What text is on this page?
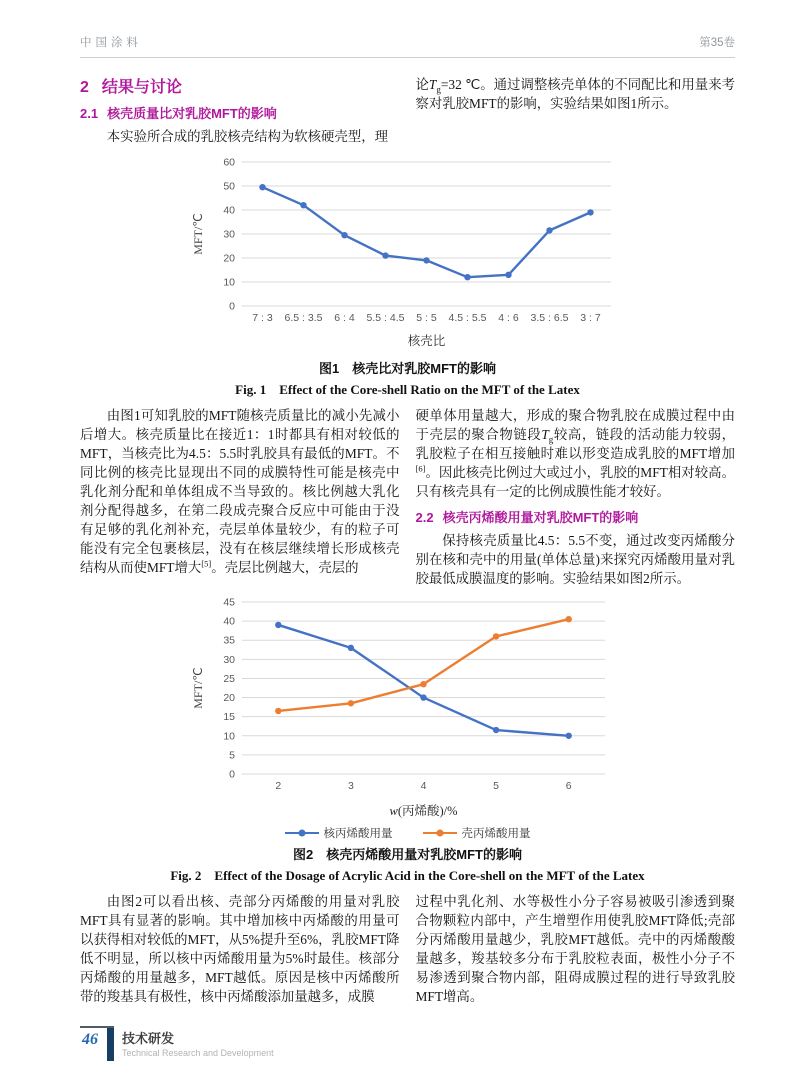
中国涂料	第35卷
2 结果与讨论
2.1 核壳质量比对乳胶MFT的影响

本实验所合成的乳胶核壳结构为软核硬壳型，理

论$T_g=32$ ℃。通过调整核壳单体的不同配比和用量来考察对乳胶MFT的影响，实验结果如图1所示。

0
10
20
30
40
50
60
7 : 3 6.5 : 3.5 6 : 4 5.5 : 4.5 5 : 5 4.5 : 5.5 4 : 6 3.5 : 6.5 3 : 7
MFT/℃
核壳比
图1　核壳比对乳胶MFT的影响
Fig. 1　Effect of the Core-shell Ratio on the MFT of the Latex

由图1可知乳胶的MFT随核壳质量比的减小先减小后增大。核壳质量比在接近1：1时都具有相对较低的MFT，当核壳比为4.5：5.5时乳胶具有最低的MFT。不同比例的核壳比显现出不同的成膜特性可能是核壳中乳化剂分配和单体组成不当导致的。核比例越大乳化剂分配得越多，在第二段成壳聚合反应中可能由于没有足够的乳化剂补充，壳层单体量较少，有的粒子可能没有完全包裹核层，没有在核层继续增长形成核壳结构从而使MFT增大[5]。壳层比例越大，壳层的

硬单体用量越大，形成的聚合物乳胶在成膜过程中由于壳层的聚合物链段$T_g$较高，链段的活动能力较弱，乳胶粒子在相互接触时难以形变造成乳胶的MFT增加[6]。因此核壳比例过大或过小，乳胶的MFT相对较高。只有核壳具有一定的比例成膜性能才较好。

2.2 核壳丙烯酸用量对乳胶MFT的影响

保持核壳质量比4.5：5.5不变，通过改变丙烯酸分别在核和壳中的用量(单体总量)来探究丙烯酸用量对乳胶最低成膜温度的影响。实验结果如图2所示。

0
5
10
15
20
25
30
35
40
45
2	3	4	5	6
MFT/℃
w(丙烯酸)/%
核丙烯酸用量	壳丙烯酸用量
图2　核壳丙烯酸用量对乳胶MFT的影响
Fig. 2　Effect of the Dosage of Acrylic Acid in the Core-shell on the MFT of the Latex

由图2可以看出核、壳部分丙烯酸的用量对乳胶MFT具有显著的影响。其中增加核中丙烯酸的用量可以获得相对较低的MFT，从5%提升至6%，乳胶MFT降低不明显，所以核中丙烯酸用量为5%时最佳。核部分丙烯酸的用量越多，MFT越低。原因是核中丙烯酸所带的羧基具有极性，核中丙烯酸添加量越多，成膜

过程中乳化剂、水等极性小分子容易被吸引渗透到聚合物颗粒内部中，产生增塑作用使乳胶MFT降低;壳部分丙烯酸用量越少，乳胶MFT越低。壳中的丙烯酸酸量越多，羧基较多分布于乳胶粒表面，极性小分子不易渗透到聚合物内部，阻碍成膜过程的进行导致乳胶MFT增高。

46	技术研发
Technical Research and Development
